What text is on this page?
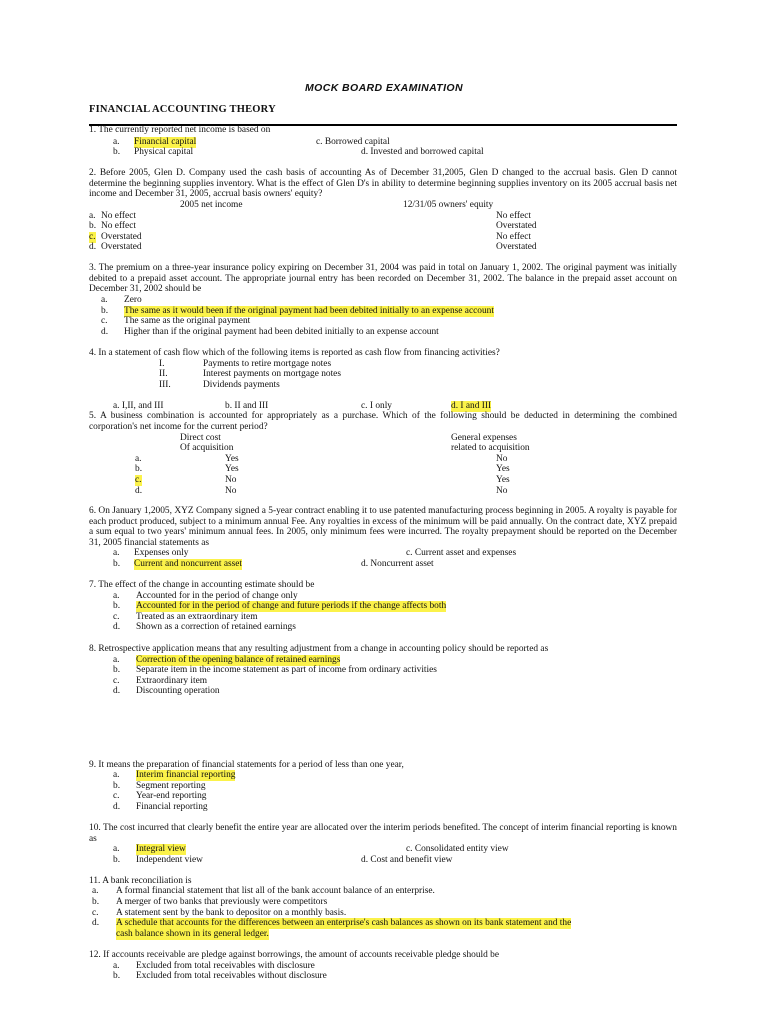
MOCK BOARD EXAMINATION
FINANCIAL ACCOUNTING THEORY
1. The currently reported net income is based on
a. Financial capital	c. Borrowed capital
b. Physical capital	d. Invested and borrowed capital
2. Before 2005, Glen D. Company used the cash basis of accounting As of December 31,2005, Glen D changed to the accrual basis. Glen D cannot determine the beginning supplies inventory. What is the effect of Glen D's in ability to determine beginning supplies inventory on its 2005 accrual basis net income and December 31, 2005, accrual basis owners' equity?
2005 net income	12/31/05 owners' equity
a. No effect	No effect
b. No effect	Overstated
c. Overstated	No effect
d. Overstated	Overstated
3. The premium on a three-year insurance policy expiring on December 31, 2004 was paid in total on January 1, 2002. The original payment was initially debited to a prepaid asset account. The appropriate journal entry has been recorded on December 31, 2002. The balance in the prepaid asset account on December 31, 2002 should be
a. Zero
b. The same as it would been if the original payment had been debited initially to an expense account
c. The same as the original payment
d. Higher than if the original payment had been debited initially to an expense account
4. In a statement of cash flow which of the following items is reported as cash flow from financing activities?
I.	Payments to retire mortgage notes
II.	Interest payments on mortgage notes
III.	Dividends payments
a. I,II, and III	b. II and III	c. I only	d. I and III
5. A business combination is accounted for appropriately as a purchase. Which of the following should be deducted in determining the combined corporation's net income for the current period?
Direct cost	General expenses
Of acquisition	related to acquisition
a.	Yes	No
b.	Yes	Yes
c.	No	Yes
d.	No	No
6. On January 1,2005, XYZ Company signed a 5-year contract enabling it to use patented manufacturing process beginning in 2005. A royalty is payable for each product produced, subject to a minimum annual Fee. Any royalties in excess of the minimum will be paid annually. On the contract date, XYZ prepaid a sum equal to two years' minimum annual fees. In 2005, only minimum fees were incurred. The royalty prepayment should be reported on the December 31, 2005 financial statements as
a. Expenses only	c. Current asset and expenses
b. Current and noncurrent asset	d. Noncurrent asset
7. The effect of the change in accounting estimate should be
a. Accounted for in the period of change only
b. Accounted for in the period of change and future periods if the change affects both
c. Treated as an extraordinary item
d. Shown as a correction of retained earnings
8. Retrospective application means that any resulting adjustment from a change in accounting policy should be reported as
a. Correction of the opening balance of retained earnings
b. Separate item in the income statement as part of income from ordinary activities
c. Extraordinary item
d. Discounting operation
9. It means the preparation of financial statements for a period of less than one year,
a. Interim financial reporting
b. Segment reporting
c. Year-end reporting
d. Financial reporting
10. The cost incurred that clearly benefit the entire year are allocated over the interim periods benefited. The concept of interim financial reporting is known as
a. Integral view	c. Consolidated entity view
b. Independent view	d. Cost and benefit view
11. A bank reconciliation is
a. A formal financial statement that list all of the bank account balance of an enterprise.
b. A merger of two banks that previously were competitors
c. A statement sent by the bank to depositor on a monthly basis.
d. A schedule that accounts for the differences between an enterprise's cash balances as shown on its bank statement and the
cash balance shown in its general ledger.
12. If accounts receivable are pledge against borrowings, the amount of accounts receivable pledge should be
a. Excluded from total receivables with disclosure
b. Excluded from total receivables without disclosure
